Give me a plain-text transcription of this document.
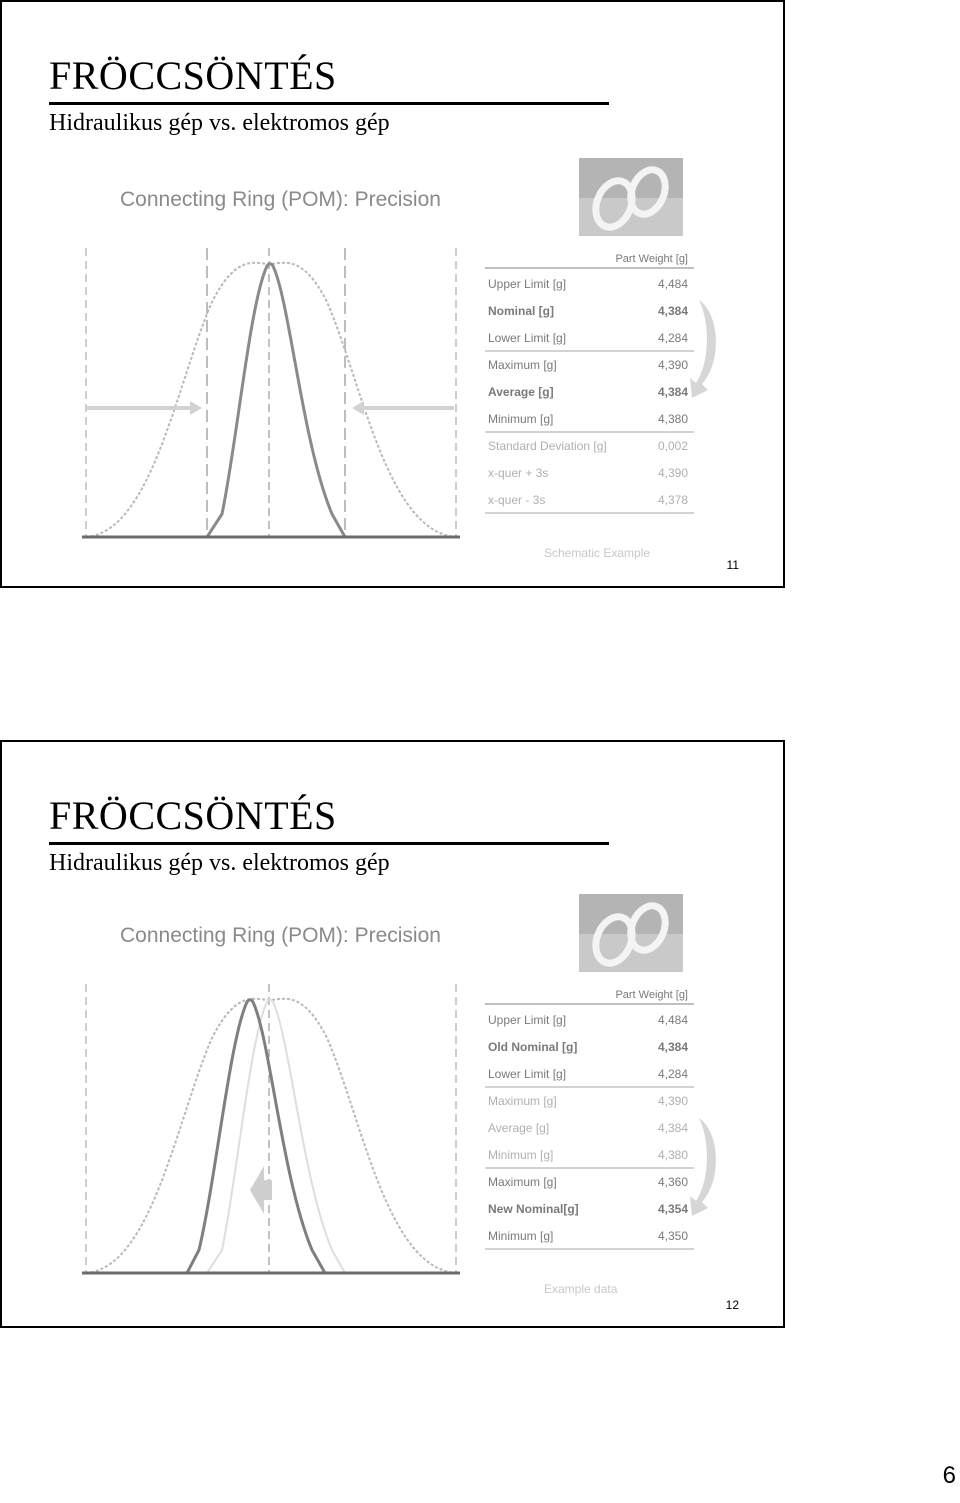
FRÖCCSÖNTÉS
Hidraulikus gép vs. elektromos gép
Connecting Ring (POM): Precision
Part Weight [g]
Upper Limit [g]	4,484
Nominal [g]	4,384
Lower Limit [g]	4,284
Maximum [g]	4,390
Average [g]	4,384
Minimum [g]	4,380
Standard Deviation [g]	0,002
x-quer + 3s	4,390
x-quer - 3s	4,378
Schematic Example
11
FRÖCCSÖNTÉS
Hidraulikus gép vs. elektromos gép
Connecting Ring (POM): Precision
Part Weight [g]
Upper Limit [g]	4,484
Old Nominal [g]	4,384
Lower Limit [g]	4,284
Maximum [g]	4,390
Average [g]	4,384
Minimum [g]	4,380
Maximum [g]	4,360
New Nominal[g]	4,354
Minimum [g]	4,350
Example data
12
6
